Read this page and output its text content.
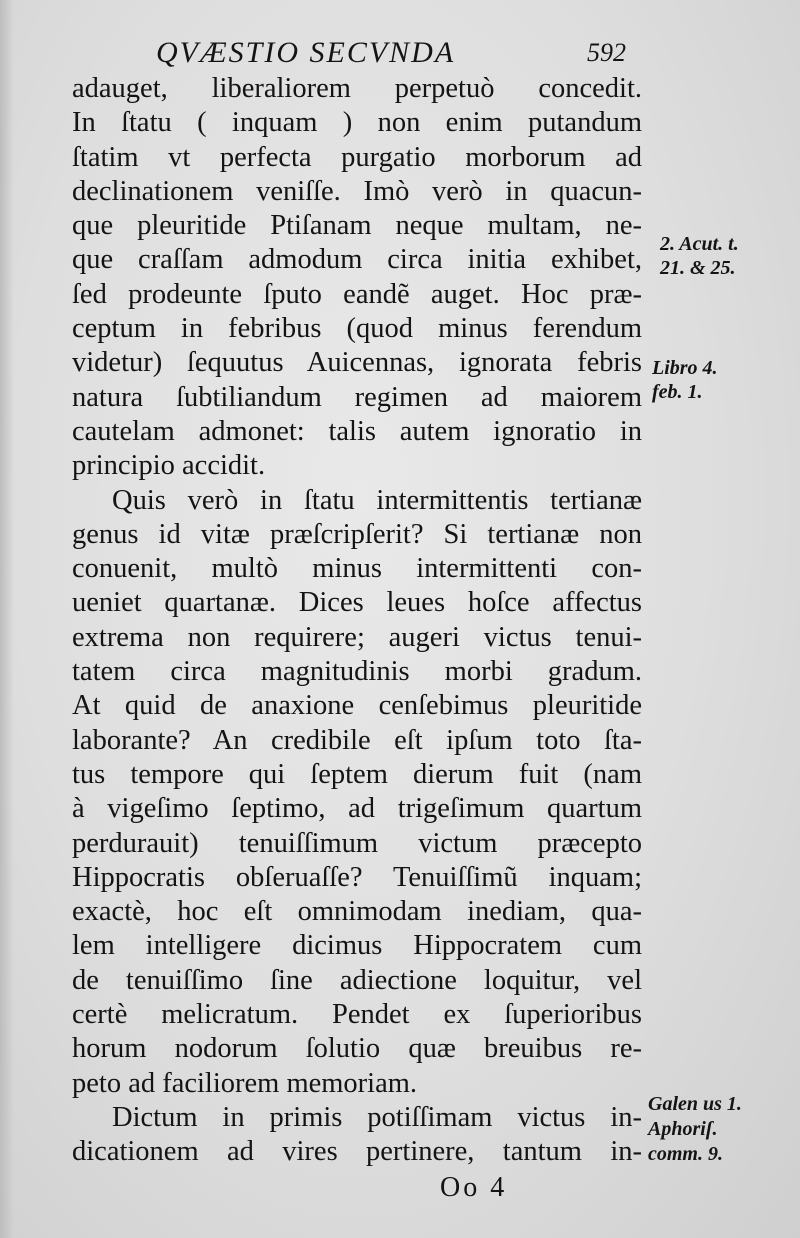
QVÆSTIO SECVNDA	592
adauget, liberaliorem perpetuò concedit.
In ſtatu ( inquam ) non enim putandum
ſtatim vt perfecta purgatio morborum ad
declinationem veniſſe. Imò verò in quacun-
que pleuritide Ptiſanam neque multam, ne-
que craſſam admodum circa initia exhibet,
ſed prodeunte ſputo eandẽ auget. Hoc præ-
ceptum in febribus (quod minus ferendum
videtur) ſequutus Auicennas, ignorata febris
natura ſubtiliandum regimen ad maiorem
cautelam admonet: talis autem ignoratio in
principio accidit.
Quis verò in ſtatu intermittentis tertianæ
genus id vitæ præſcripſerit? Si tertianæ non
conuenit, multò minus intermittenti con-
ueniet quartanæ. Dices leues hoſce affectus
extrema non requirere; augeri victus tenui-
tatem circa magnitudinis morbi gradum.
At quid de anaxione cenſebimus pleuritide
laborante? An credibile eſt ipſum toto ſta-
tus tempore qui ſeptem dierum fuit (nam
à vigeſimo ſeptimo, ad trigeſimum quartum
perdurauit) tenuiſſimum victum præcepto
Hippocratis obſeruaſſe? Tenuiſſimũ inquam;
exactè, hoc eſt omnimodam inediam, qua-
lem intelligere dicimus Hippocratem cum
de tenuiſſimo ſine adiectione loquitur, vel
certè melicratum. Pendet ex ſuperioribus
horum nodorum ſolutio quæ breuibus re-
peto ad faciliorem memoriam.
Dictum in primis potiſſimam victus in-
dicationem ad vires pertinere, tantum in-
2. Acut. t.
21. & 25.
Libro 4.
feb. 1.
Galen us 1.
Aphoriſ.
comm. 9.
Oo 4
